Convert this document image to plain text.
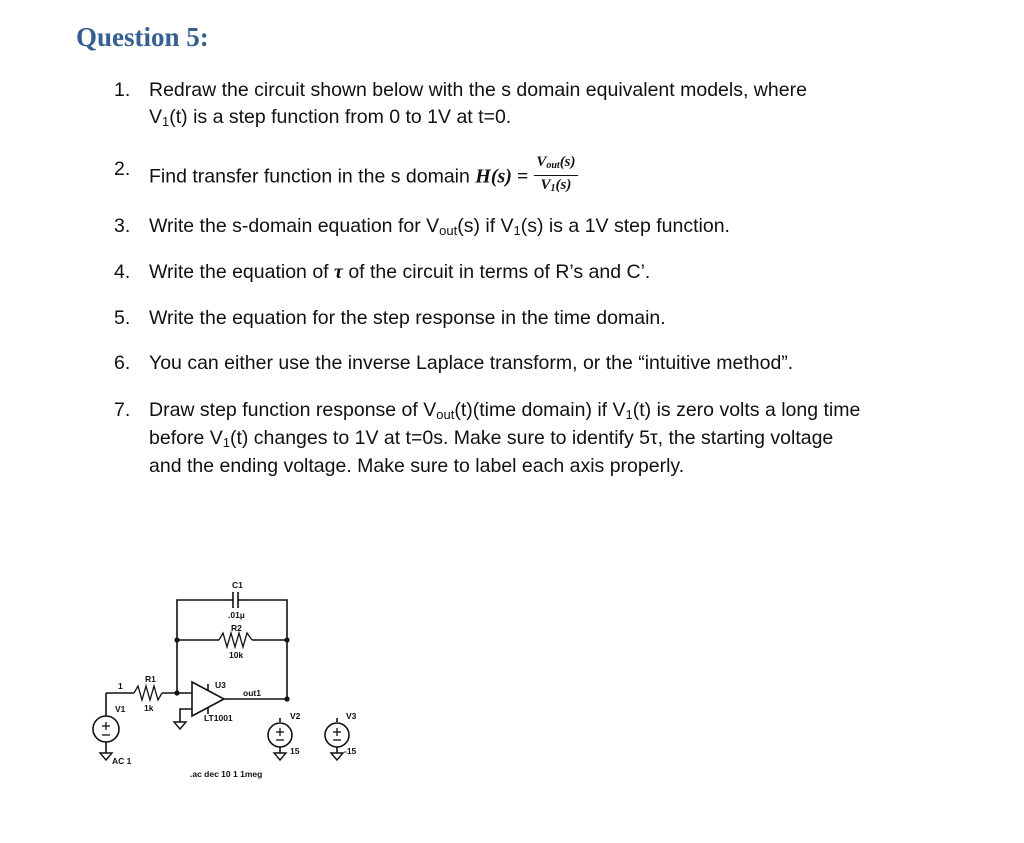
Question 5:
1. Redraw the circuit shown below with the s domain equivalent models, where
$V_1(t)$ is a step function from 0 to 1V at t=0.
2. Find transfer function in the s domain $H(s) = \frac{V_{out}(s)}{V_1(s)}$
3. Write the s-domain equation for $V_{out}(s)$ if $V_1(s)$ is a 1V step function.
4. Write the equation of τ of the circuit in terms of R’s and C’.
5. Write the equation for the step response in the time domain.
6. You can either use the inverse Laplace transform, or the “intuitive method”.
7. Draw step function response of $V_{out}(t)(time$ domain) if $V_1(t)$ is zero volts a long time
before $V_1(t)$ changes to 1V at t=0s. Make sure to identify 5τ, the starting voltage
and the ending voltage. Make sure to label each axis properly.
C1
.01µ
R2
10k
R1
1k
1	U3
out1
LT1001
V1
AC 1
V2
15
V3
-15
.ac dec 10 1 1meg
